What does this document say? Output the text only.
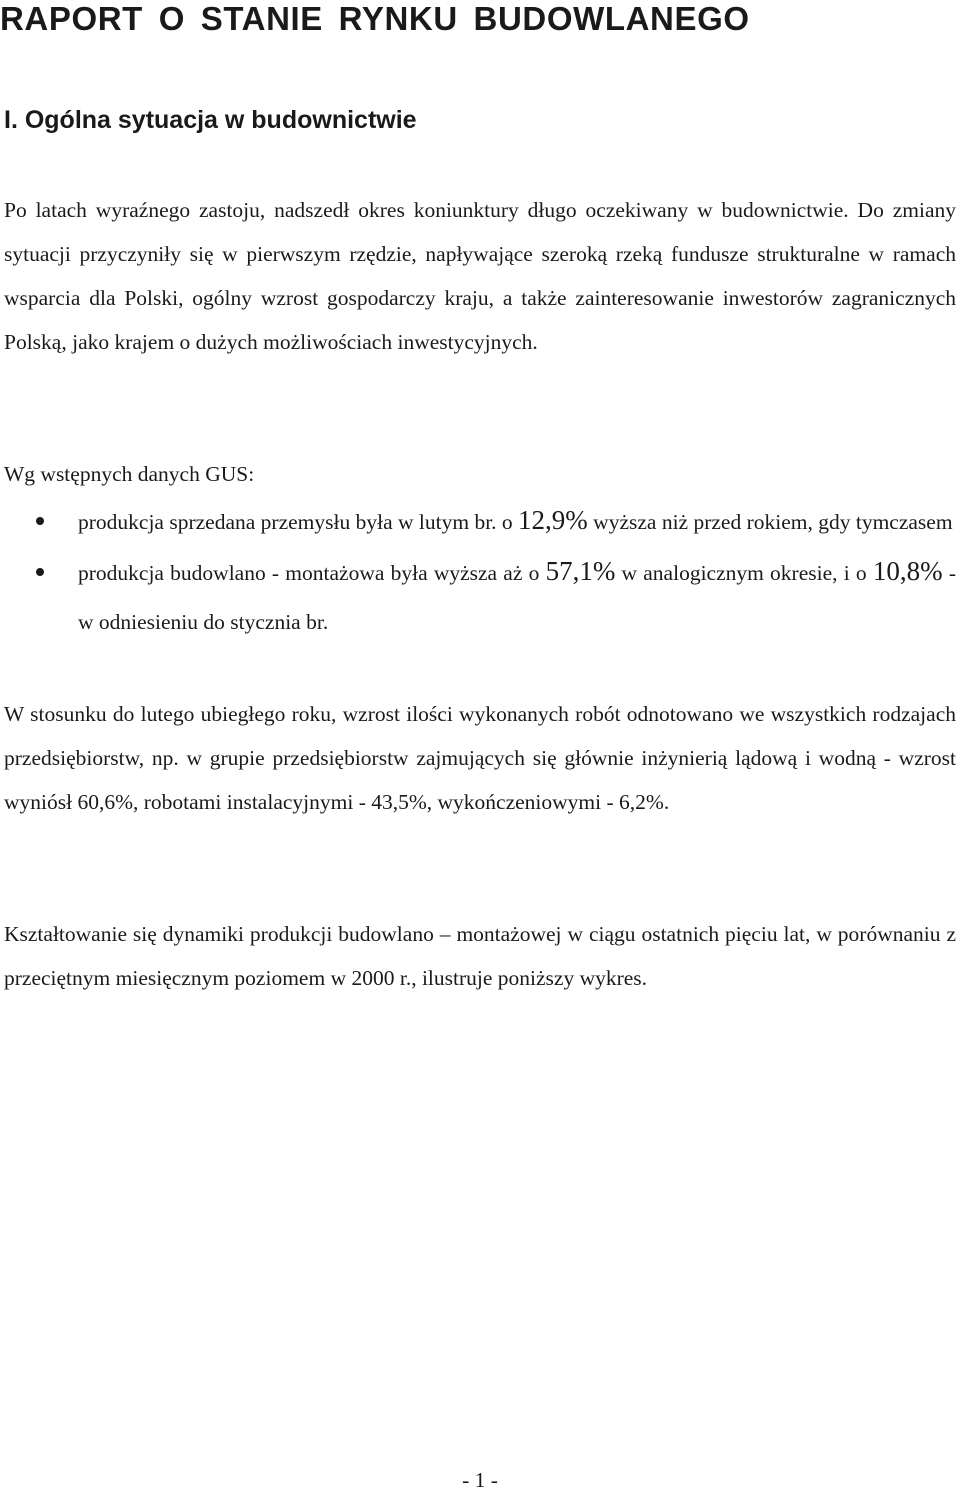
RAPORT O STANIE RYNKU BUDOWLANEGO
I. Ogólna sytuacja w budownictwie

Po latach wyraźnego zastoju, nadszedł okres koniunktury długo oczekiwany w budownictwie. Do zmiany sytuacji przyczyniły się w pierwszym rzędzie, napływające szeroką rzeką fundusze strukturalne w ramach wsparcia dla Polski, ogólny wzrost gospodarczy kraju, a także zainteresowanie inwestorów zagranicznych Polską, jako krajem o dużych możliwościach inwestycyjnych.

Wg wstępnych danych GUS:

produkcja sprzedana przemysłu była w lutym br. o 12,9% wyższa niż przed rokiem, gdy tymczasem
produkcja budowlano - montażowa była wyższa aż o 57,1% w analogicznym okresie, i o 10,8% - w odniesieniu do stycznia br.

W stosunku do lutego ubiegłego roku, wzrost ilości wykonanych robót odnotowano we wszystkich rodzajach przedsiębiorstw, np. w grupie przedsiębiorstw zajmujących się głównie inżynierią lądową i wodną - wzrost wyniósł 60,6%, robotami instalacyjnymi - 43,5%, wykończeniowymi - 6,2%.

Kształtowanie się dynamiki produkcji budowlano – montażowej w ciągu ostatnich pięciu lat, w porównaniu z przeciętnym miesięcznym poziomem w 2000 r., ilustruje poniższy wykres.

- 1 -
